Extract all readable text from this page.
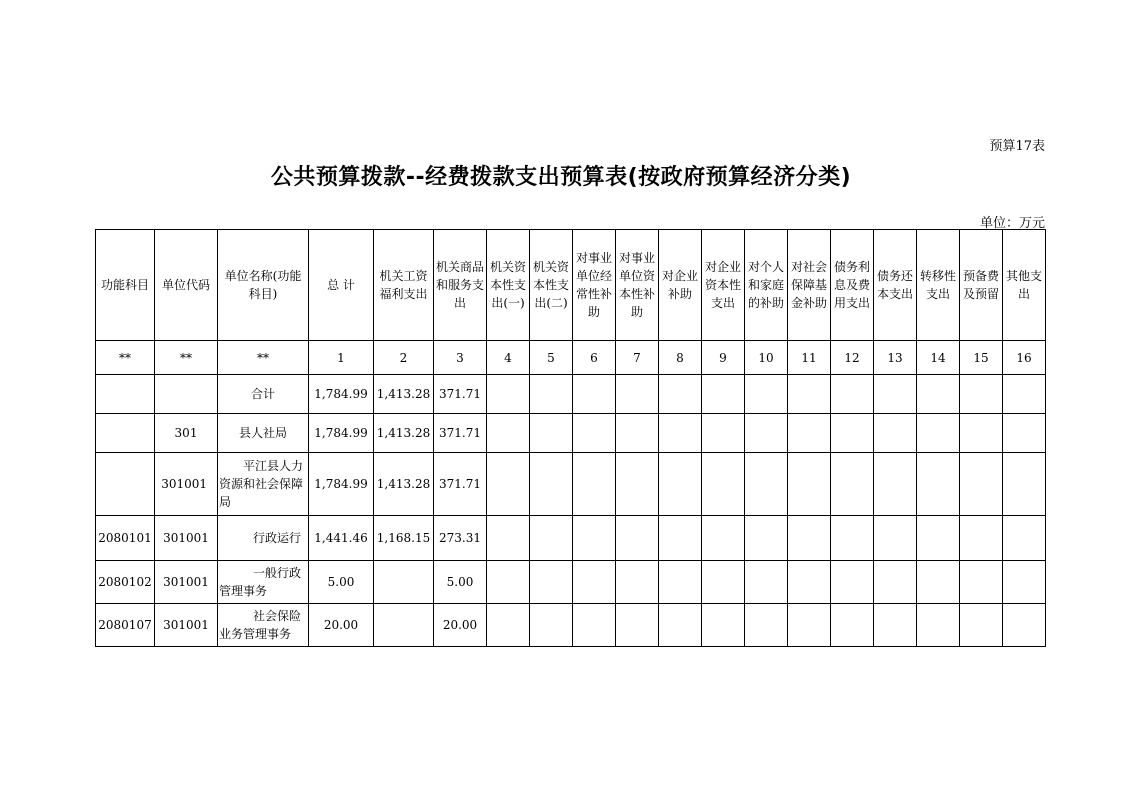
预算17表
公共预算拨款--经费拨款支出预算表(按政府预算经济分类)
单位：万元
功能科目	单位代码	单位名称(功能科目)	总 计	机关工资福利支出	机关商品和服务支出	机关资本性支出(一)	机关资本性支出(二)	对事业单位经常性补助	对事业单位资本性补助	对企业补助	对企业资本性支出	对个人和家庭的补助	对社会保障基金补助	债务利息及费用支出	债务还本支出	转移性支出	预备费及预留	其他支出
**	**	**	1	2	3	4	5	6	7	8	9	10	11	12	13	14	15	16
		合计	1,784.99	1,413.28	371.71													
	301	县人社局	1,784.99	1,413.28	371.71													
	301001	平江县人力
资源和社会保障局	1,784.99	1,413.28	371.71													
2080101	301001	行政运行	1,441.46	1,168.15	273.31													
2080102	301001	一般行政
管理事务	5.00		5.00													
2080107	301001	社会保险
业务管理事务	20.00		20.00													
